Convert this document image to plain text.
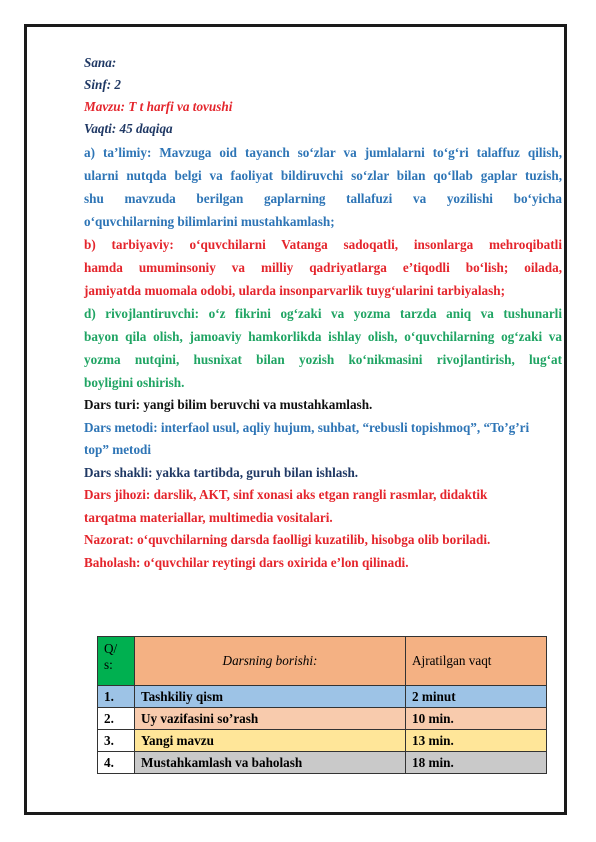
Sana:
Sinf: 2
Mavzu: T t harfi va tovushi
Vaqti: 45 daqiqa
a) ta’limiy: Mavzuga oid tayanch so‘zlar va jumlalarni to‘g‘ri talaffuz qilish,
ularni nutqda belgi va faoliyat bildiruvchi so‘zlar bilan qo‘llab gaplar tuzish,
shu mavzuda berilgan gaplarning tallafuzi va yozilishi bo‘yicha
o‘quvchilarning bilimlarini mustahkamlash;
b) tarbiyaviy: o‘quvchilarni Vatanga sadoqatli, insonlarga mehroqibatli
hamda umuminsoniy va milliy qadriyatlarga e’tiqodli bo‘lish; oilada,
jamiyatda muomala odobi, ularda insonparvarlik tuyg‘ularini tarbiyalash;
d) rivojlantiruvchi: o‘z fikrini og‘zaki va yozma tarzda aniq va tushunarli
bayon qila olish, jamoaviy hamkorlikda ishlay olish, o‘quvchilarning og‘zaki va
yozma nutqini, husnixat bilan yozish ko‘nikmasini rivojlantirish, lug‘at
boyligini oshirish.
Dars turi: yangi bilim beruvchi va mustahkamlash.
Dars metodi: interfaol usul, aqliy hujum, suhbat, “rebusli topishmoq”, “To’g’ri
top” metodi
Dars shakli: yakka tartibda, guruh bilan ishlash.
Dars jihozi: darslik, AKT, sinf xonasi aks etgan rangli rasmlar, didaktik
tarqatma materiallar, multimedia vositalari.
Nazorat: o‘quvchilarning darsda faolligi kuzatilib, hisobga olib boriladi.
Baholash: o‘quvchilar reytingi dars oxirida e’lon qilinadi.
Q/ s:	Darsning borishi:	Ajratilgan vaqt
1.	Tashkiliy qism	2 minut
2.	Uy vazifasini so’rash	10 min.
3.	Yangi mavzu	13 min.
4.	Mustahkamlash va baholash	18 min.
